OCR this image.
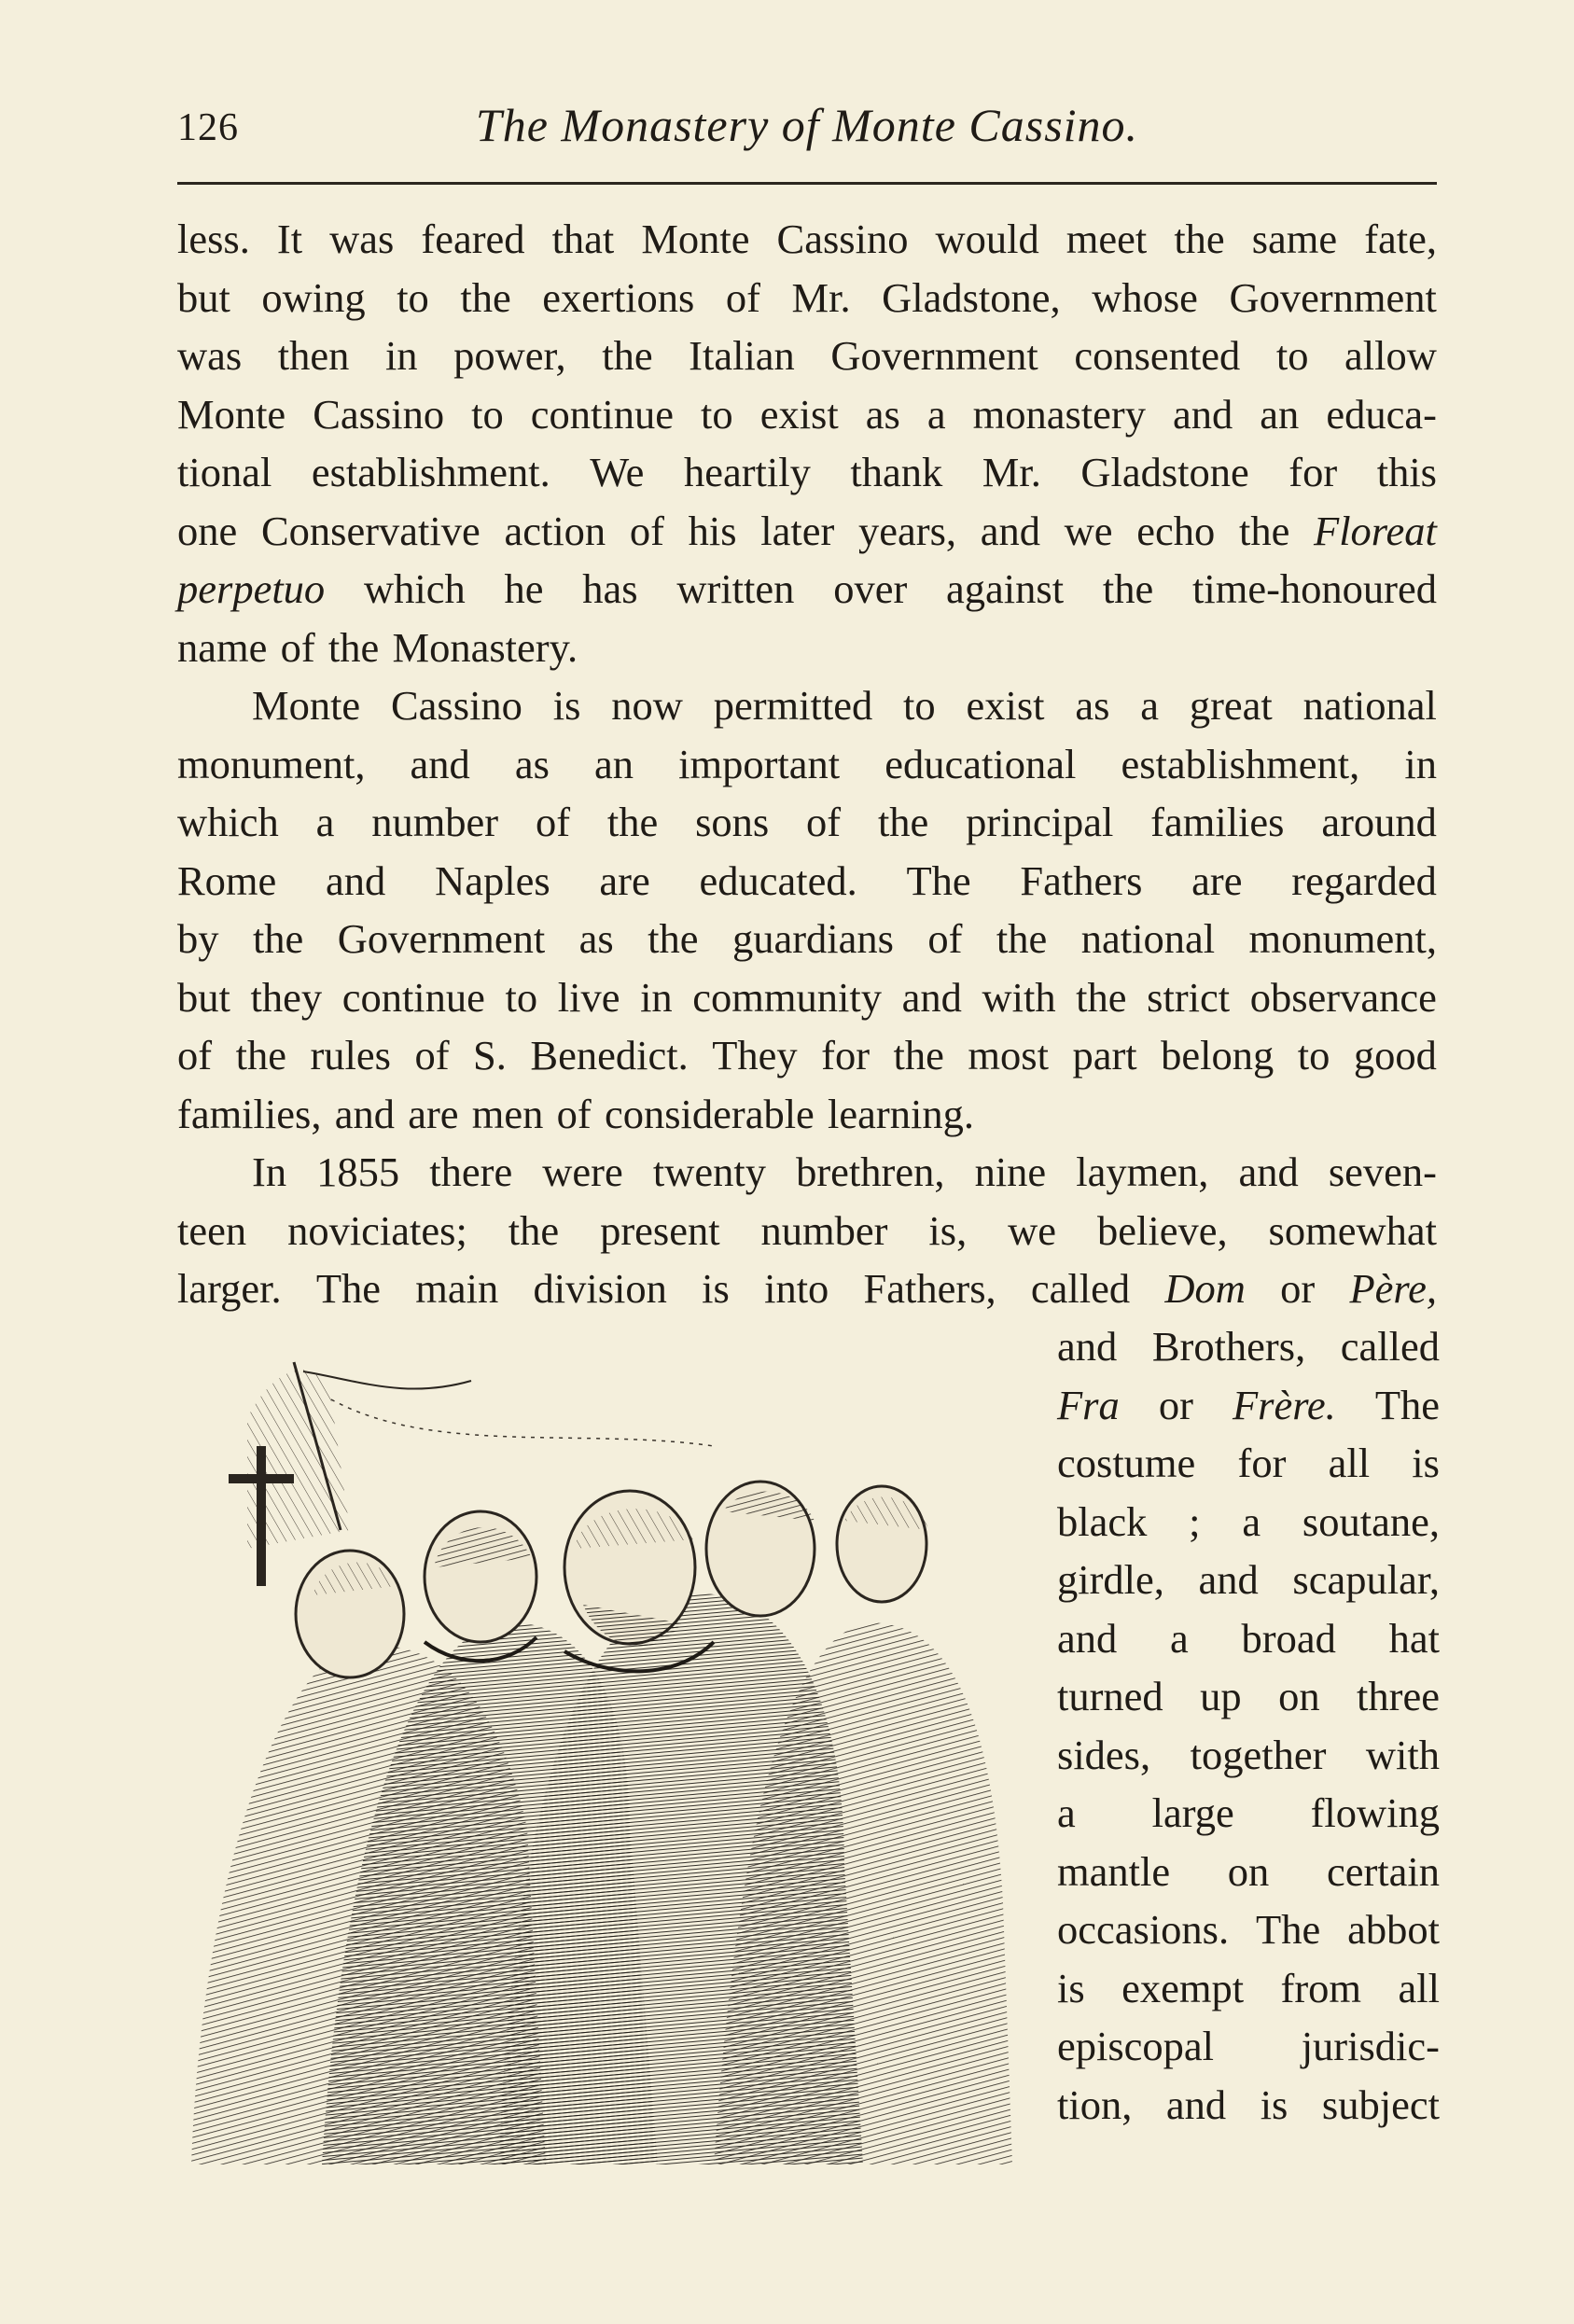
126	The Monastery of Monte Cassino.
less. It was feared that Monte Cassino would meet the same fate,
but owing to the exertions of Mr. Gladstone, whose Government
was then in power, the Italian Government consented to allow
Monte Cassino to continue to exist as a monastery and an educa-
tional establishment. We heartily thank Mr. Gladstone for this
one Conservative action of his later years, and we echo the Floreat
perpetuo which he has written over against the time-honoured
name of the Monastery.
Monte Cassino is now permitted to exist as a great national
monument, and as an important educational establishment, in
which a number of the sons of the principal families around
Rome and Naples are educated. The Fathers are regarded
by the Government as the guardians of the national monument,
but they continue to live in community and with the strict observance
of the rules of S. Benedict. They for the most part belong to good
families, and are men of considerable learning.
In 1855 there were twenty brethren, nine laymen, and seven-
teen noviciates; the present number is, we believe, somewhat
larger. The main division is into Fathers, called Dom or Père,
and Brothers, called
Fra or Frère. The
costume for all is
black ; a soutane,
girdle, and scapular,
and a broad hat
turned up on three
sides, together with
a large flowing
mantle on certain
occasions. The abbot
is exempt from all
episcopal jurisdic-
tion, and is subject
